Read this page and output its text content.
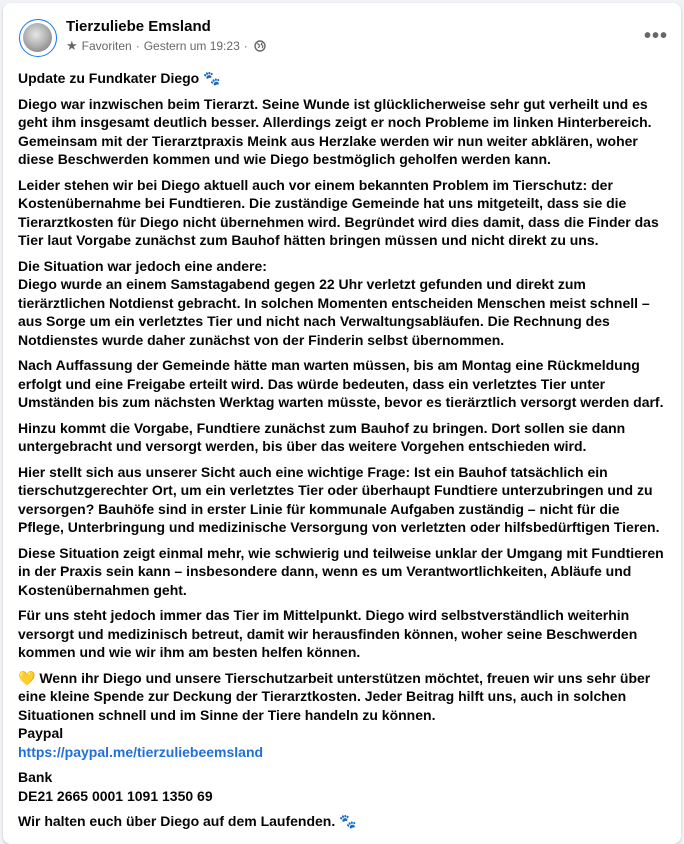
Tierzuliebe Emsland
★ Favoriten · Gestern um 19:23 ·	•••

Update zu Fundkater Diego 🐾

Diego war inzwischen beim Tierarzt. Seine Wunde ist glücklicherweise sehr gut verheilt und es geht ihm insgesamt deutlich besser. Allerdings zeigt er noch Probleme im linken Hinterbereich. Gemeinsam mit der Tierarztpraxis Meink aus Herzlake werden wir nun weiter abklären, woher diese Beschwerden kommen und wie Diego bestmöglich geholfen werden kann.

Leider stehen wir bei Diego aktuell auch vor einem bekannten Problem im Tierschutz: der Kostenübernahme bei Fundtieren. Die zuständige Gemeinde hat uns mitgeteilt, dass sie die Tierarztkosten für Diego nicht übernehmen wird. Begründet wird dies damit, dass die Finder das Tier laut Vorgabe zunächst zum Bauhof hätten bringen müssen und nicht direkt zu uns.

Die Situation war jedoch eine andere:
Diego wurde an einem Samstagabend gegen 22 Uhr verletzt gefunden und direkt zum tierärztlichen Notdienst gebracht. In solchen Momenten entscheiden Menschen meist schnell – aus Sorge um ein verletztes Tier und nicht nach Verwaltungsabläufen. Die Rechnung des Notdienstes wurde daher zunächst von der Finderin selbst übernommen.

Nach Auffassung der Gemeinde hätte man warten müssen, bis am Montag eine Rückmeldung erfolgt und eine Freigabe erteilt wird. Das würde bedeuten, dass ein verletztes Tier unter Umständen bis zum nächsten Werktag warten müsste, bevor es tierärztlich versorgt werden darf.

Hinzu kommt die Vorgabe, Fundtiere zunächst zum Bauhof zu bringen. Dort sollen sie dann untergebracht und versorgt werden, bis über das weitere Vorgehen entschieden wird.

Hier stellt sich aus unserer Sicht auch eine wichtige Frage: Ist ein Bauhof tatsächlich ein tierschutzgerechter Ort, um ein verletztes Tier oder überhaupt Fundtiere unterzubringen und zu versorgen? Bauhöfe sind in erster Linie für kommunale Aufgaben zuständig – nicht für die Pflege, Unterbringung und medizinische Versorgung von verletzten oder hilfsbedürftigen Tieren.

Diese Situation zeigt einmal mehr, wie schwierig und teilweise unklar der Umgang mit Fundtieren in der Praxis sein kann – insbesondere dann, wenn es um Verantwortlichkeiten, Abläufe und Kostenübernahmen geht.

Für uns steht jedoch immer das Tier im Mittelpunkt. Diego wird selbstverständlich weiterhin versorgt und medizinisch betreut, damit wir herausfinden können, woher seine Beschwerden kommen und wie wir ihm am besten helfen können.

💛 Wenn ihr Diego und unsere Tierschutzarbeit unterstützen möchtet, freuen wir uns sehr über eine kleine Spende zur Deckung der Tierarztkosten. Jeder Beitrag hilft uns, auch in solchen Situationen schnell und im Sinne der Tiere handeln zu können.
Paypal
https://paypal.me/tierzuliebeemsland

Bank
DE21 2665 0001 1091 1350 69

Wir halten euch über Diego auf dem Laufenden. 🐾
